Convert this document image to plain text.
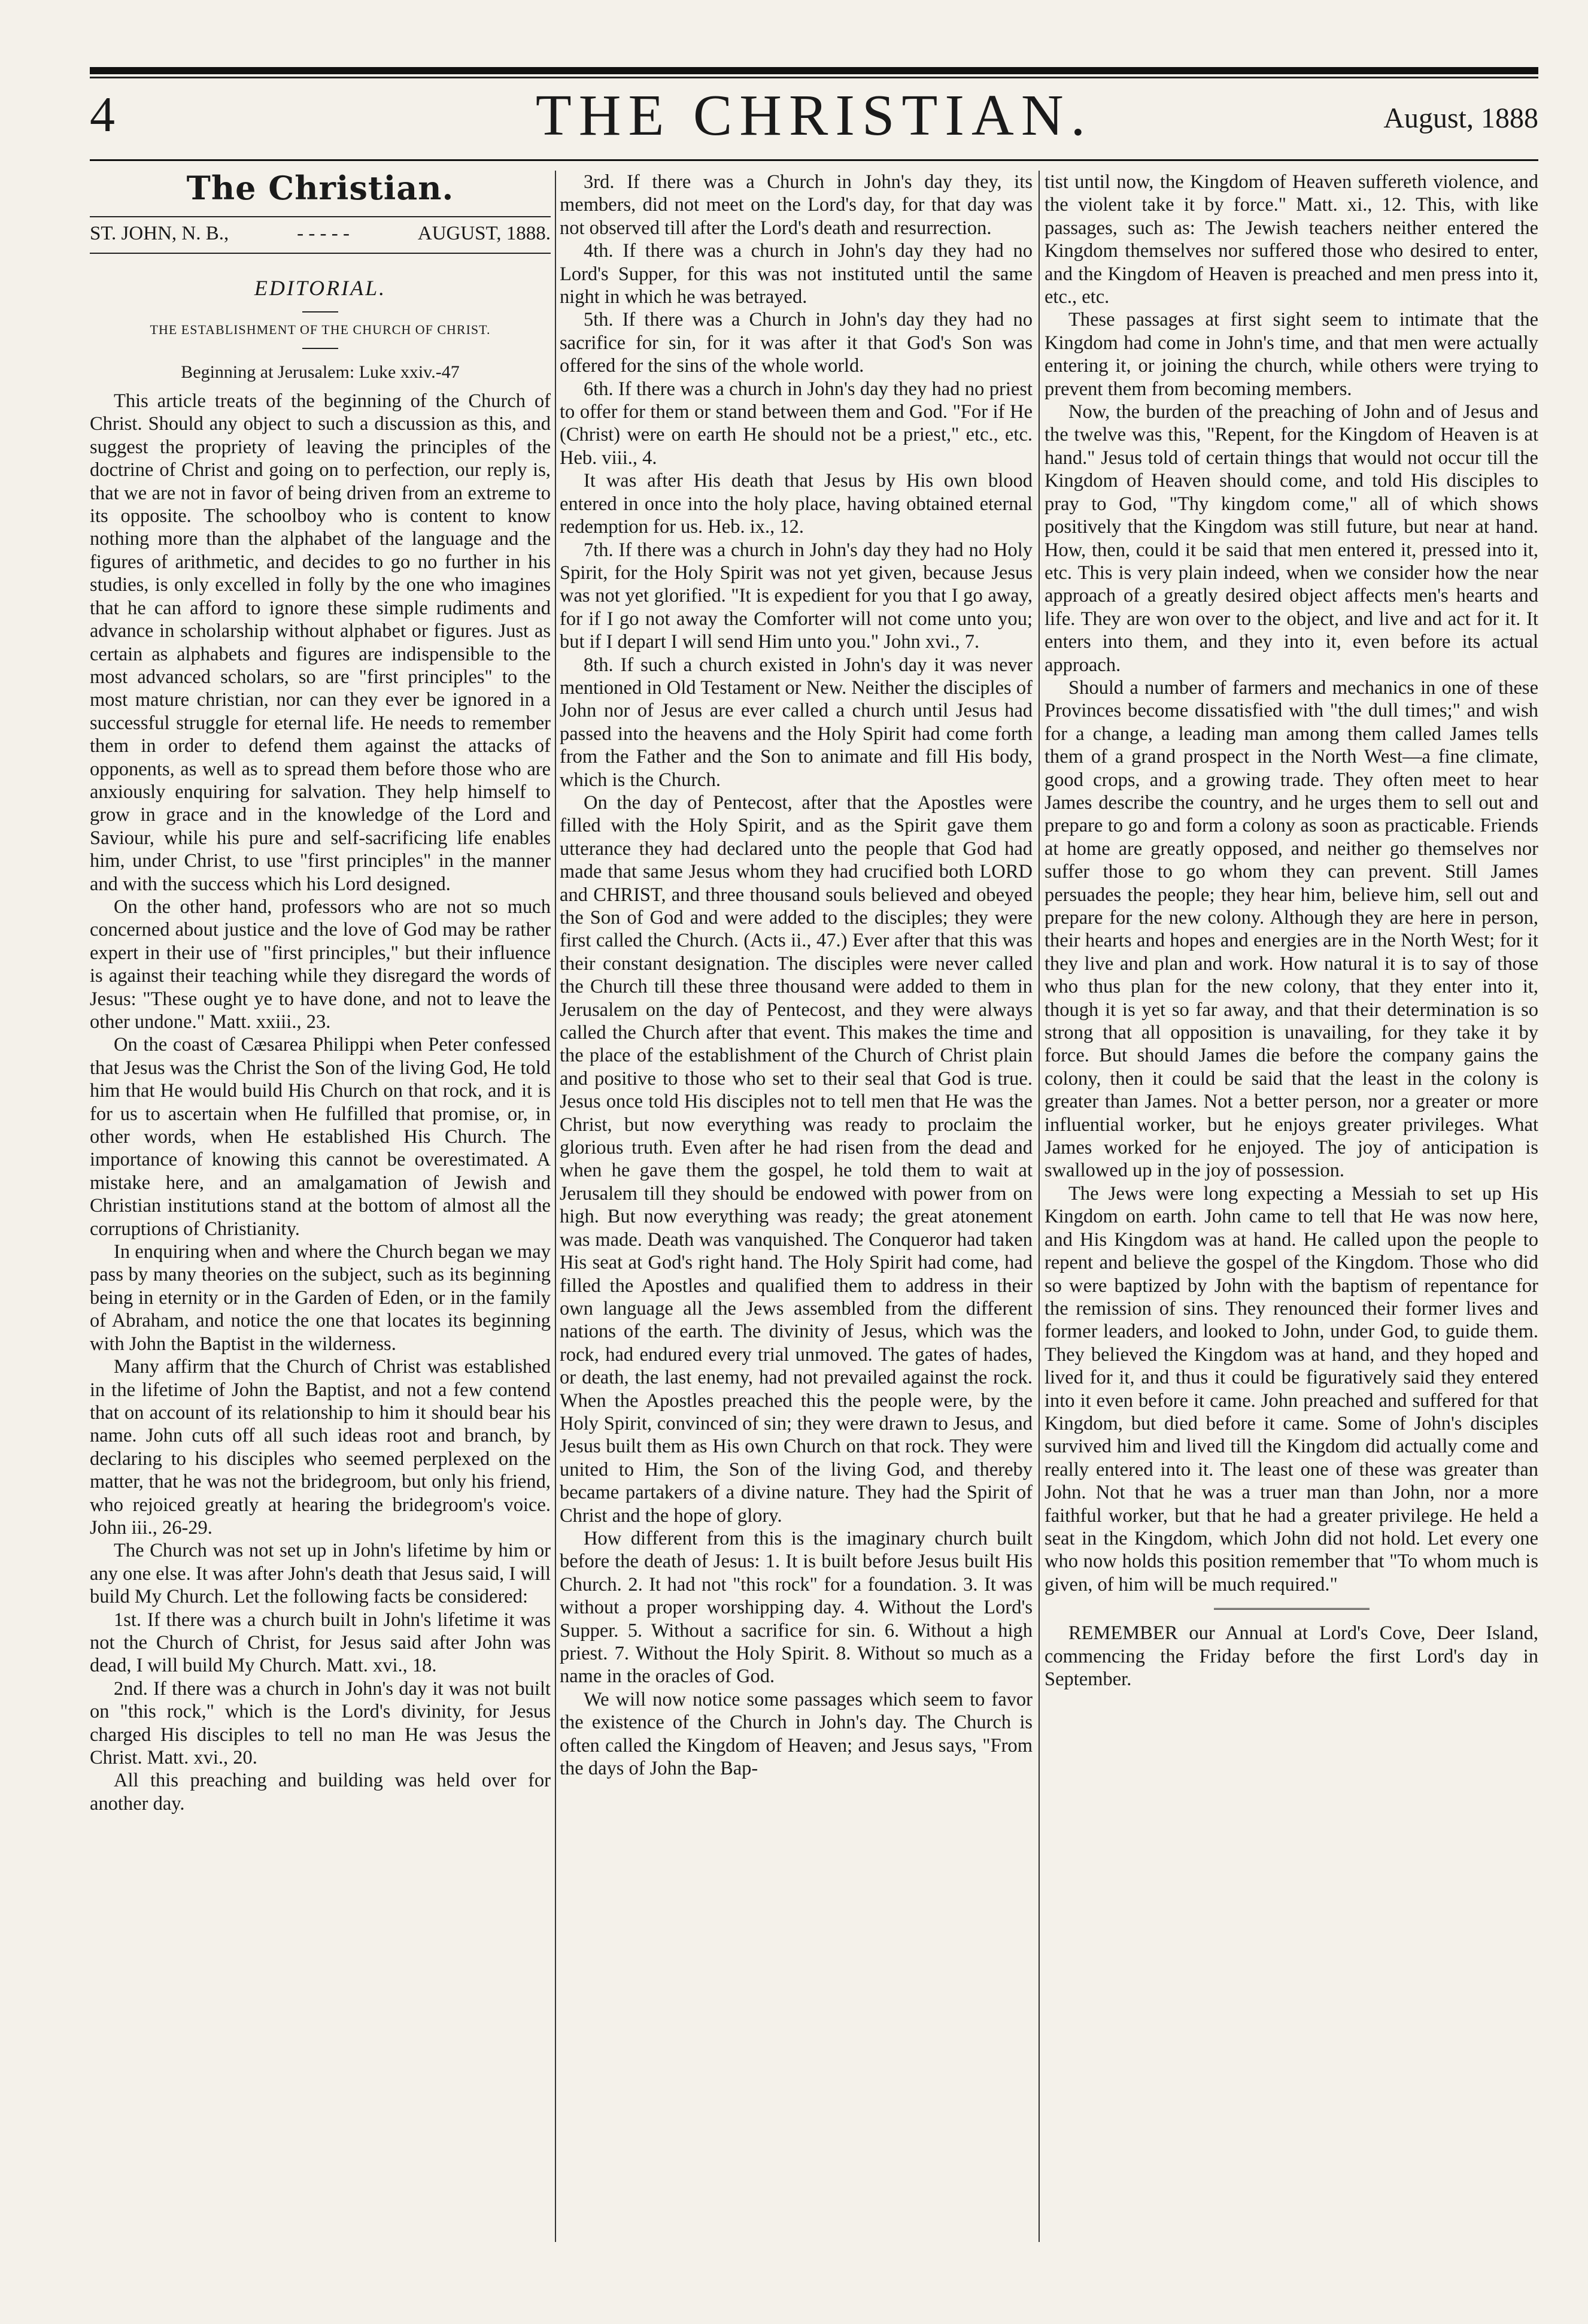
4	THE CHRISTIAN.	August, 1888
The Christian.
ST. JOHN, N. B.,	- - - - -	AUGUST, 1888.
EDITORIAL.
THE ESTABLISHMENT OF THE CHURCH OF CHRIST.
Beginning at Jerusalem: Luke xxiv.-47

This article treats of the beginning of the Church of Christ. Should any object to such a discussion as this, and suggest the propriety of leaving the principles of the doctrine of Christ and going on to perfection, our reply is, that we are not in favor of being driven from an extreme to its opposite. The schoolboy who is content to know nothing more than the alphabet of the language and the figures of arithmetic, and decides to go no further in his studies, is only excelled in folly by the one who imagines that he can afford to ignore these simple rudiments and advance in scholarship without alphabet or figures. Just as certain as alphabets and figures are indispensible to the most advanced scholars, so are "first principles" to the most mature christian, nor can they ever be ignored in a successful struggle for eternal life. He needs to remember them in order to defend them against the attacks of opponents, as well as to spread them before those who are anxiously enquiring for salvation. They help himself to grow in grace and in the knowledge of the Lord and Saviour, while his pure and self-sacrificing life enables him, under Christ, to use "first principles" in the manner and with the success which his Lord designed.

On the other hand, professors who are not so much concerned about justice and the love of God may be rather expert in their use of "first principles," but their influence is against their teaching while they disregard the words of Jesus: "These ought ye to have done, and not to leave the other undone." Matt. xxiii., 23.

On the coast of Cæsarea Philippi when Peter confessed that Jesus was the Christ the Son of the living God, He told him that He would build His Church on that rock, and it is for us to ascertain when He fulfilled that promise, or, in other words, when He established His Church. The importance of knowing this cannot be overestimated. A mistake here, and an amalgamation of Jewish and Christian institutions stand at the bottom of almost all the corruptions of Christianity.

In enquiring when and where the Church began we may pass by many theories on the subject, such as its beginning being in eternity or in the Garden of Eden, or in the family of Abraham, and notice the one that locates its beginning with John the Baptist in the wilderness.

Many affirm that the Church of Christ was established in the lifetime of John the Baptist, and not a few contend that on account of its relationship to him it should bear his name. John cuts off all such ideas root and branch, by declaring to his disciples who seemed perplexed on the matter, that he was not the bridegroom, but only his friend, who rejoiced greatly at hearing the bridegroom's voice. John iii., 26-29.

The Church was not set up in John's lifetime by him or any one else. It was after John's death that Jesus said, I will build My Church. Let the following facts be considered:

1st. If there was a church built in John's lifetime it was not the Church of Christ, for Jesus said after John was dead, I will build My Church. Matt. xvi., 18.

2nd. If there was a church in John's day it was not built on "this rock," which is the Lord's divinity, for Jesus charged His disciples to tell no man He was Jesus the Christ. Matt. xvi., 20.

All this preaching and building was held over for another day.

3rd. If there was a Church in John's day they, its members, did not meet on the Lord's day, for that day was not observed till after the Lord's death and resurrection.

4th. If there was a church in John's day they had no Lord's Supper, for this was not instituted until the same night in which he was betrayed.

5th. If there was a Church in John's day they had no sacrifice for sin, for it was after it that God's Son was offered for the sins of the whole world.

6th. If there was a church in John's day they had no priest to offer for them or stand between them and God. "For if He (Christ) were on earth He should not be a priest," etc., etc. Heb. viii., 4.

It was after His death that Jesus by His own blood entered in once into the holy place, having obtained eternal redemption for us. Heb. ix., 12.

7th. If there was a church in John's day they had no Holy Spirit, for the Holy Spirit was not yet given, because Jesus was not yet glorified. "It is expedient for you that I go away, for if I go not away the Comforter will not come unto you; but if I depart I will send Him unto you." John xvi., 7.

8th. If such a church existed in John's day it was never mentioned in Old Testament or New. Neither the disciples of John nor of Jesus are ever called a church until Jesus had passed into the heavens and the Holy Spirit had come forth from the Father and the Son to animate and fill His body, which is the Church.

On the day of Pentecost, after that the Apostles were filled with the Holy Spirit, and as the Spirit gave them utterance they had declared unto the people that God had made that same Jesus whom they had crucified both LORD and CHRIST, and three thousand souls believed and obeyed the Son of God and were added to the disciples; they were first called the Church. (Acts ii., 47.) Ever after that this was their constant designation. The disciples were never called the Church till these three thousand were added to them in Jerusalem on the day of Pentecost, and they were always called the Church after that event. This makes the time and the place of the establishment of the Church of Christ plain and positive to those who set to their seal that God is true. Jesus once told His disciples not to tell men that He was the Christ, but now everything was ready to proclaim the glorious truth. Even after he had risen from the dead and when he gave them the gospel, he told them to wait at Jerusalem till they should be endowed with power from on high. But now everything was ready; the great atonement was made. Death was vanquished. The Conqueror had taken His seat at God's right hand. The Holy Spirit had come, had filled the Apostles and qualified them to address in their own language all the Jews assembled from the different nations of the earth. The divinity of Jesus, which was the rock, had endured every trial unmoved. The gates of hades, or death, the last enemy, had not prevailed against the rock. When the Apostles preached this the people were, by the Holy Spirit, convinced of sin; they were drawn to Jesus, and Jesus built them as His own Church on that rock. They were united to Him, the Son of the living God, and thereby became partakers of a divine nature. They had the Spirit of Christ and the hope of glory.

How different from this is the imaginary church built before the death of Jesus: 1. It is built before Jesus built His Church. 2. It had not "this rock" for a foundation. 3. It was without a proper worshipping day. 4. Without the Lord's Supper. 5. Without a sacrifice for sin. 6. Without a high priest. 7. Without the Holy Spirit. 8. Without so much as a name in the oracles of God.

We will now notice some passages which seem to favor the existence of the Church in John's day. The Church is often called the Kingdom of Heaven; and Jesus says, "From the days of John the Bap-

tist until now, the Kingdom of Heaven suffereth violence, and the violent take it by force." Matt. xi., 12. This, with like passages, such as: The Jewish teachers neither entered the Kingdom themselves nor suffered those who desired to enter, and the Kingdom of Heaven is preached and men press into it, etc., etc.

These passages at first sight seem to intimate that the Kingdom had come in John's time, and that men were actually entering it, or joining the church, while others were trying to prevent them from becoming members.

Now, the burden of the preaching of John and of Jesus and the twelve was this, "Repent, for the Kingdom of Heaven is at hand." Jesus told of certain things that would not occur till the Kingdom of Heaven should come, and told His disciples to pray to God, "Thy kingdom come," all of which shows positively that the Kingdom was still future, but near at hand. How, then, could it be said that men entered it, pressed into it, etc. This is very plain indeed, when we consider how the near approach of a greatly desired object affects men's hearts and life. They are won over to the object, and live and act for it. It enters into them, and they into it, even before its actual approach.

Should a number of farmers and mechanics in one of these Provinces become dissatisfied with "the dull times;" and wish for a change, a leading man among them called James tells them of a grand prospect in the North West—a fine climate, good crops, and a growing trade. They often meet to hear James describe the country, and he urges them to sell out and prepare to go and form a colony as soon as practicable. Friends at home are greatly opposed, and neither go themselves nor suffer those to go whom they can prevent. Still James persuades the people; they hear him, believe him, sell out and prepare for the new colony. Although they are here in person, their hearts and hopes and energies are in the North West; for it they live and plan and work. How natural it is to say of those who thus plan for the new colony, that they enter into it, though it is yet so far away, and that their determination is so strong that all opposition is unavailing, for they take it by force. But should James die before the company gains the colony, then it could be said that the least in the colony is greater than James. Not a better person, nor a greater or more influential worker, but he enjoys greater privileges. What James worked for he enjoyed. The joy of anticipation is swallowed up in the joy of possession.

The Jews were long expecting a Messiah to set up His Kingdom on earth. John came to tell that He was now here, and His Kingdom was at hand. He called upon the people to repent and believe the gospel of the Kingdom. Those who did so were baptized by John with the baptism of repentance for the remission of sins. They renounced their former lives and former leaders, and looked to John, under God, to guide them. They believed the Kingdom was at hand, and they hoped and lived for it, and thus it could be figuratively said they entered into it even before it came. John preached and suffered for that Kingdom, but died before it came. Some of John's disciples survived him and lived till the Kingdom did actually come and really entered into it. The least one of these was greater than John. Not that he was a truer man than John, nor a more faithful worker, but that he had a greater privilege. He held a seat in the Kingdom, which John did not hold. Let every one who now holds this position remember that "To whom much is given, of him will be much required."

REMEMBER our Annual at Lord's Cove, Deer Island, commencing the Friday before the first Lord's day in September.
